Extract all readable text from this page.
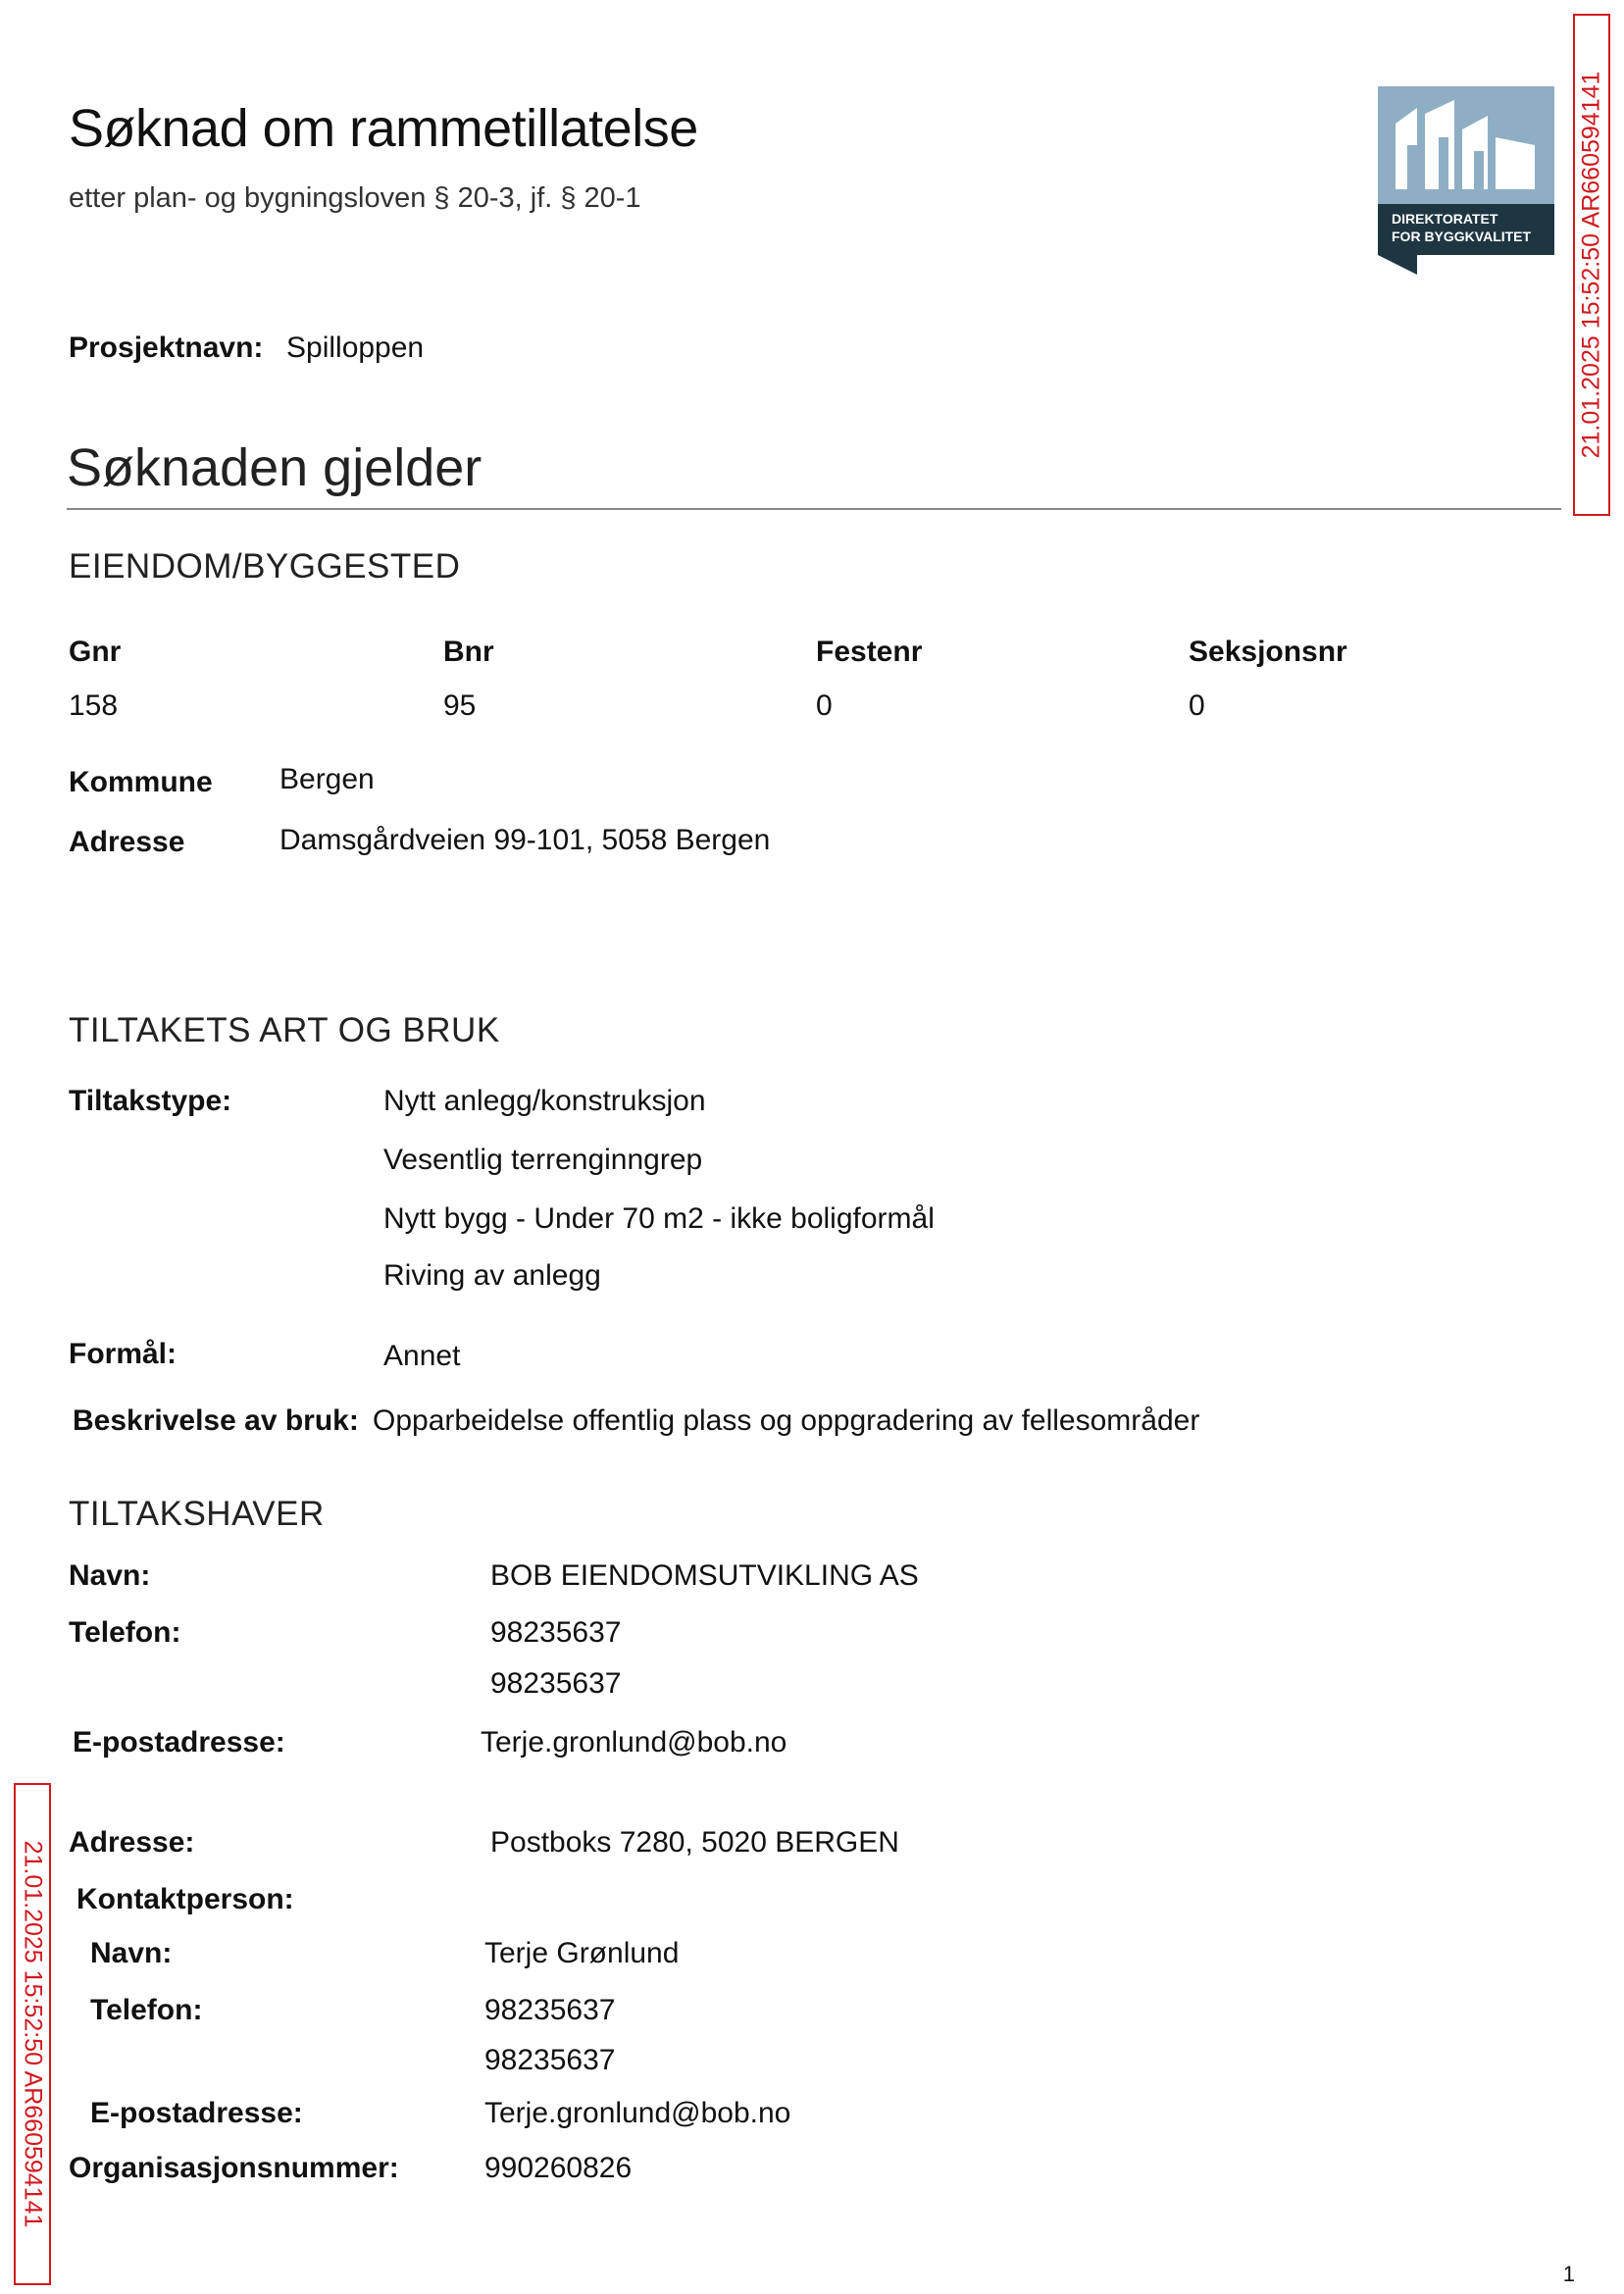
Søknad om rammetillatelse
etter plan- og bygningsloven § 20-3, jf. § 20-1
DIREKTORATET
FOR BYGGKVALITET 21.01.2025 15:52:50 AR660594141
21.01.2025 15:52:50 AR660594141
Prosjektnavn: Spilloppen
Søknaden gjelder
EIENDOM/BYGGESTED
Gnr	Bnr	Festenr	Seksjonsnr
158	95	0	0
Kommune Bergen
Adresse	Damsgårdveien 99-101, 5058 Bergen
TILTAKETS ART OG BRUK
Tiltakstype:	Nytt anlegg/konstruksjon
Vesentlig terrenginngrep
Nytt bygg - Under 70 m2 - ikke boligformål
Riving av anlegg
Formål:	Annet
Beskrivelse av bruk: Opparbeidelse offentlig plass og oppgradering av fellesområder
TILTAKSHAVER
Navn:	BOB EIENDOMSUTVIKLING AS
Telefon:	98235637
98235637
E-postadresse:	Terje.gronlund@bob.no
Adresse:	Postboks 7280, 5020 BERGEN
Kontaktperson:
Navn:	Terje Grønlund
Telefon:	98235637
98235637
E-postadresse:	Terje.gronlund@bob.no
Organisasjonsnummer:	990260826
1
